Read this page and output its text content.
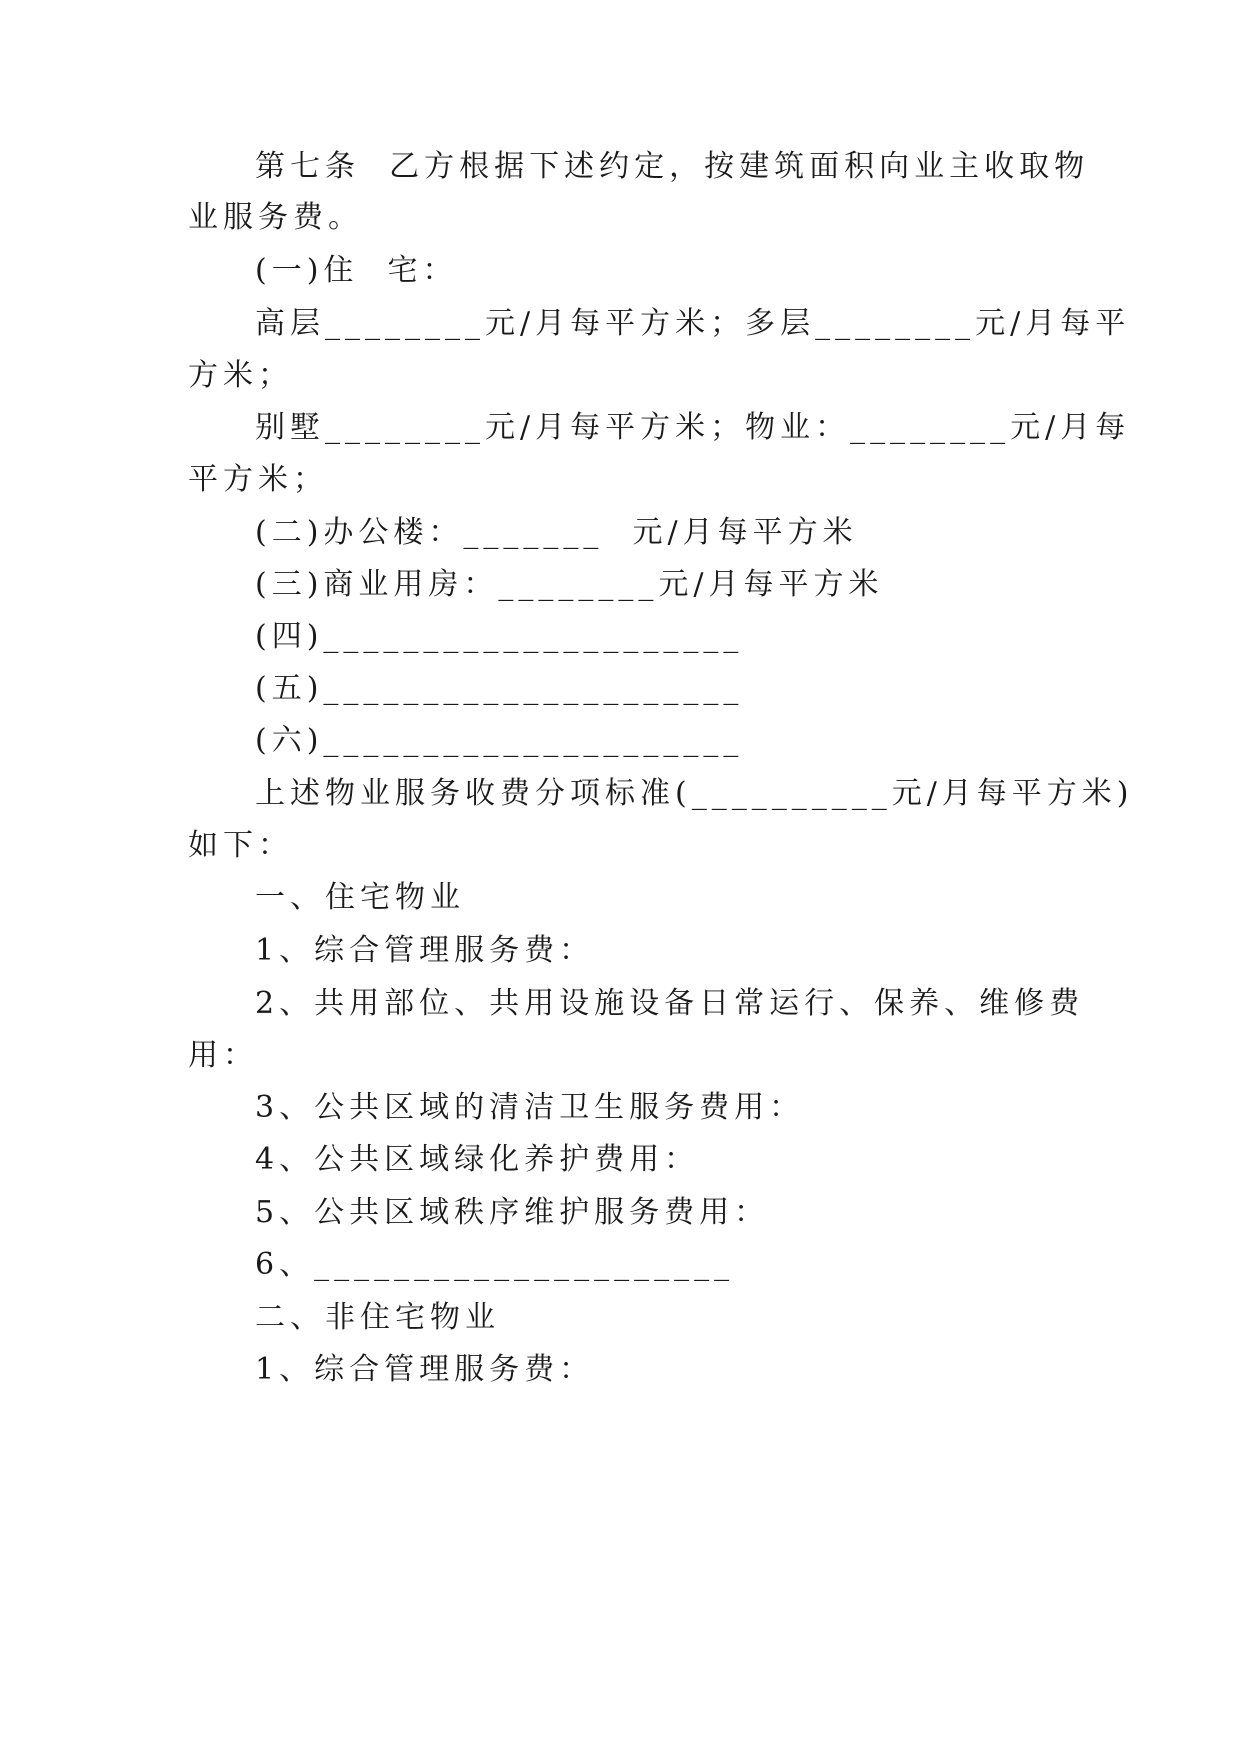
第七条  乙方根据下述约定，按建筑面积向业主收取物
业服务费。
(一)住  宅：
高层________元/月每平方米；多层________元/月每平
方米；
别墅________元/月每平方米；物业：________元/月每
平方米；
(二)办公楼：_______  元/月每平方米
(三)商业用房：________元/月每平方米
(四)_____________________
(五)_____________________
(六)_____________________
上述物业服务收费分项标准(__________元/月每平方米)
如下：
一、住宅物业
1、综合管理服务费：
2、共用部位、共用设施设备日常运行、保养、维修费
用：
3、公共区域的清洁卫生服务费用：
4、公共区域绿化养护费用：
5、公共区域秩序维护服务费用：
6、_____________________
二、非住宅物业
1、综合管理服务费：
